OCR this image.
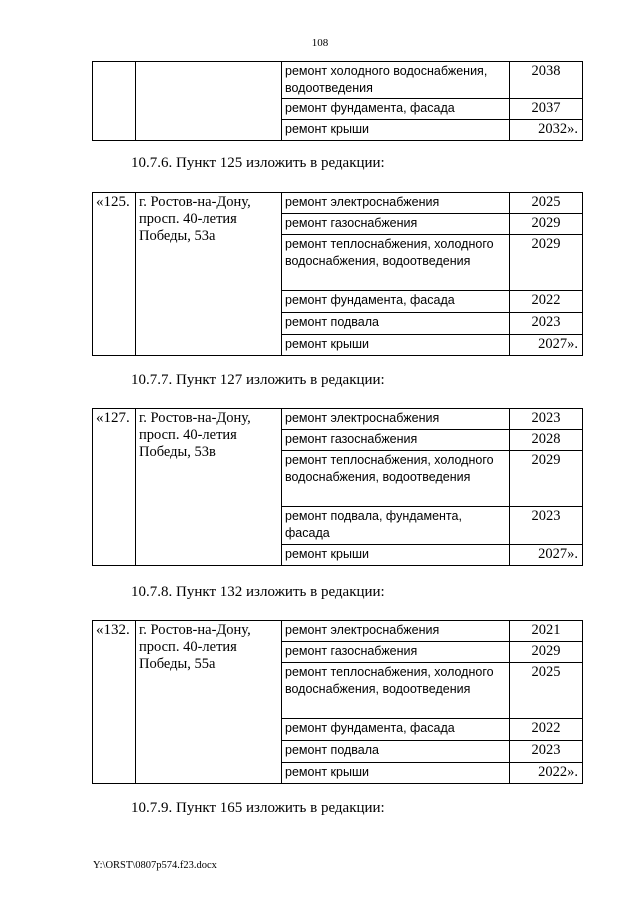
108
		ремонт холодного водоснабжения, водоотведения	2038
		ремонт фундамента, фасада	2037
		ремонт крыши	2032».
10.7.6. Пункт 125 изложить в редакции:
«125.	г. Ростов-на-Дону, просп. 40-летия Победы, 53а	ремонт электроснабжения	2025
		ремонт газоснабжения	2029
		ремонт теплоснабжения, холодного водоснабжения, водоотведения	2029
		ремонт фундамента, фасада	2022
		ремонт подвала	2023
		ремонт крыши	2027».
10.7.7. Пункт 127 изложить в редакции:
«127.	г. Ростов-на-Дону, просп. 40-летия Победы, 53в	ремонт электроснабжения	2023
		ремонт газоснабжения	2028
		ремонт теплоснабжения, холодного водоснабжения, водоотведения	2029
		ремонт подвала, фундамента, фасада	2023
		ремонт крыши	2027».
10.7.8. Пункт 132 изложить в редакции:
«132.	г. Ростов-на-Дону, просп. 40-летия Победы, 55а	ремонт электроснабжения	2021
		ремонт газоснабжения	2029
		ремонт теплоснабжения, холодного водоснабжения, водоотведения	2025
		ремонт фундамента, фасада	2022
		ремонт подвала	2023
		ремонт крыши	2022».
10.7.9. Пункт 165 изложить в редакции:
Y:\ORST\0807p574.f23.docx
